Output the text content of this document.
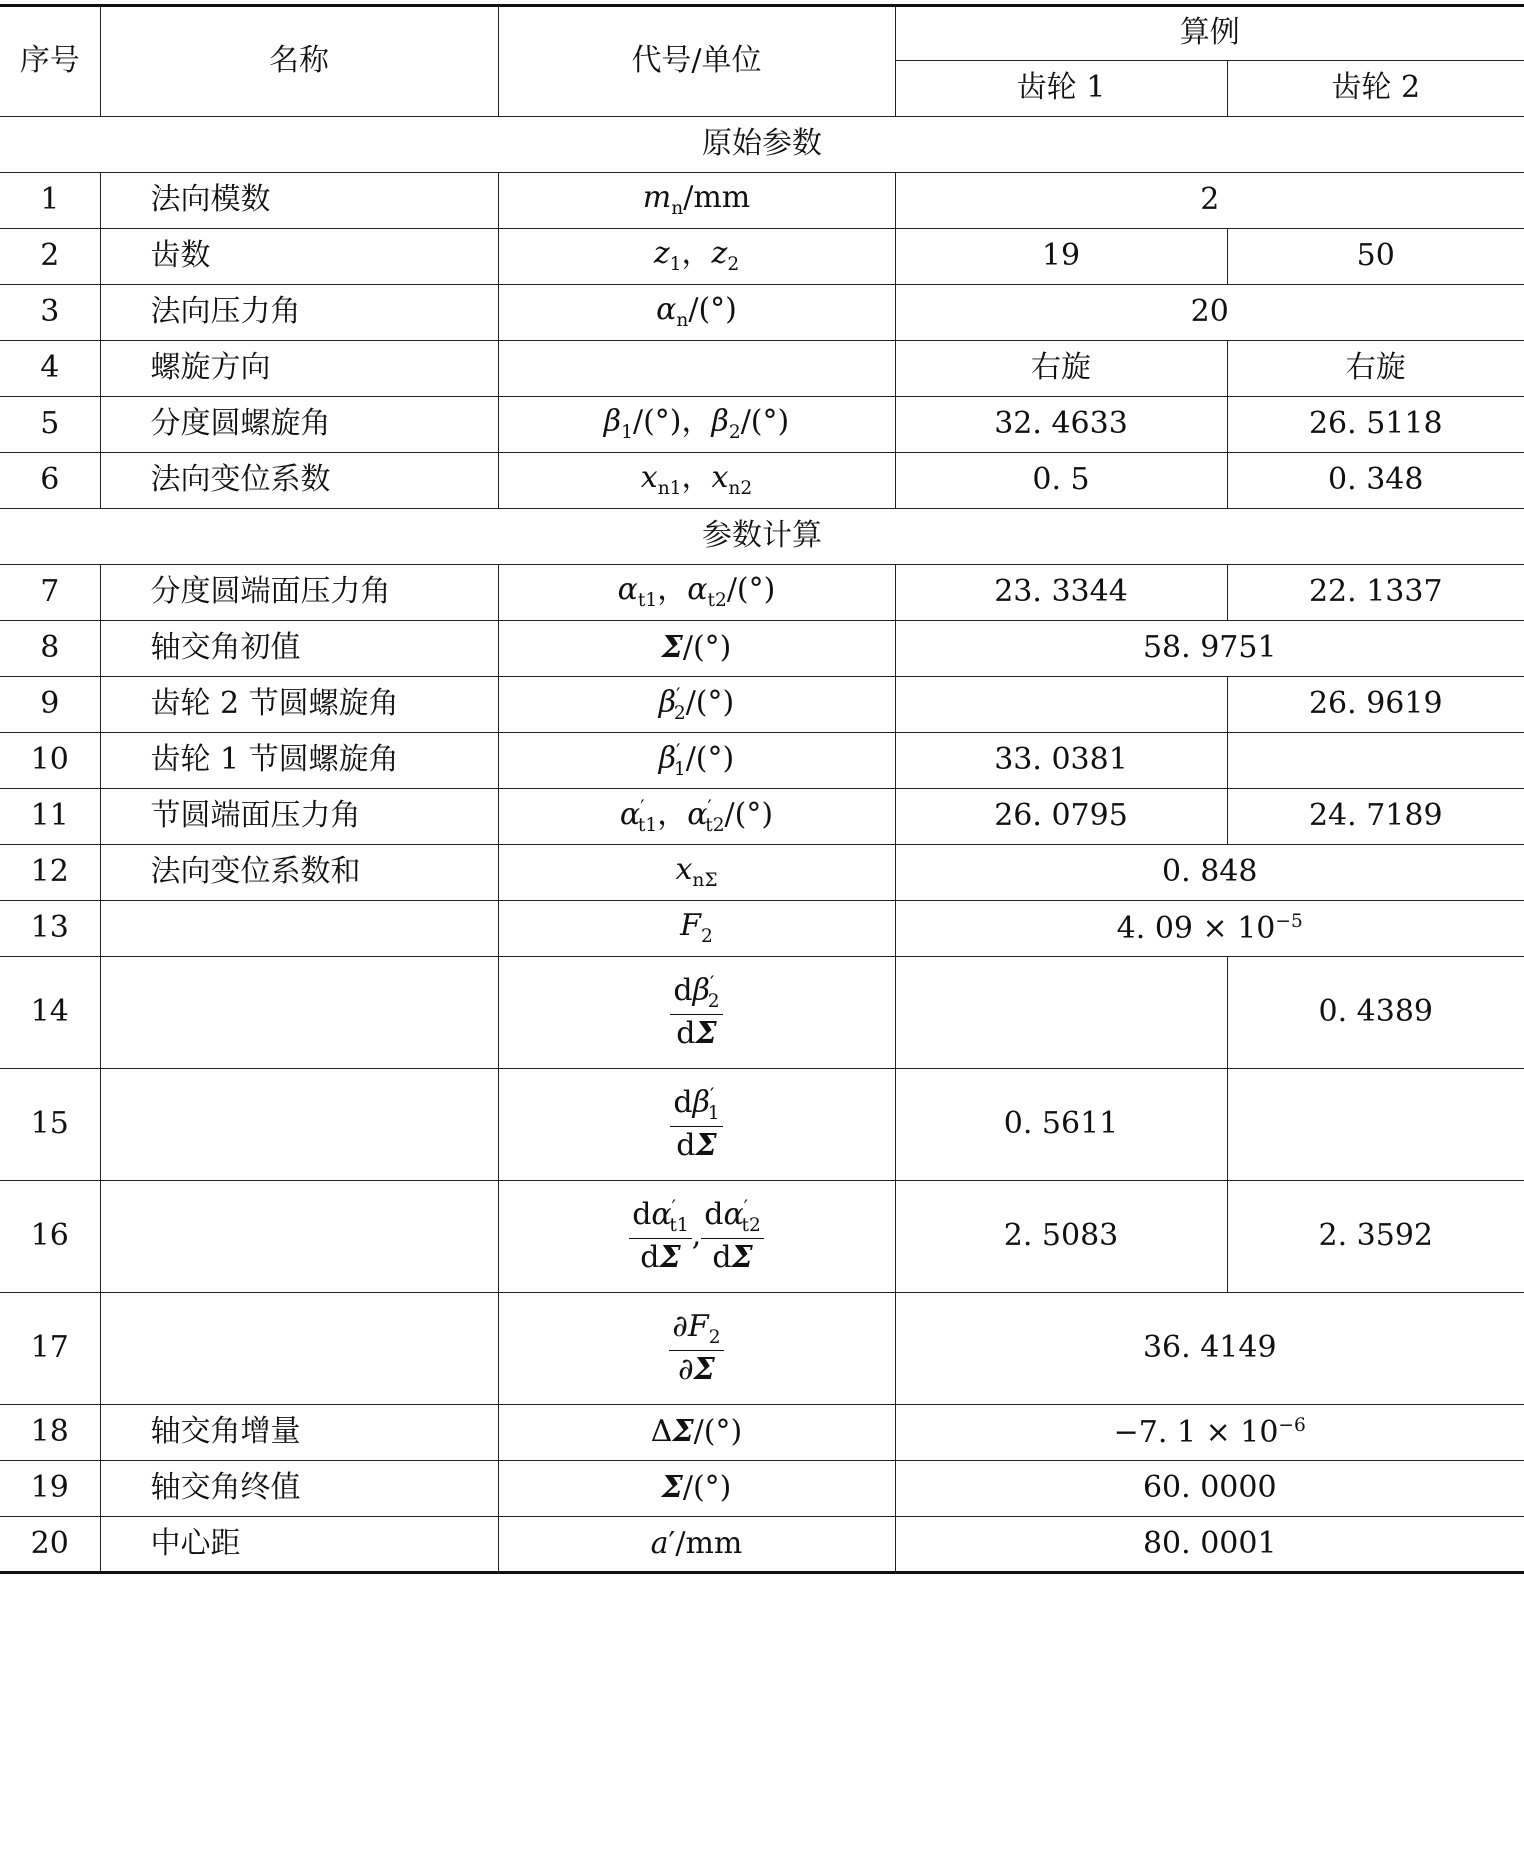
序号	名称	代号/单位	算例	
			齿轮 1	齿轮 2
原始参数				
1	法向模数	$m_n/mm$	2	
2	齿数	$z_1$，$z_2$	19	50
3	法向压力角	$\alpha_n/(^\circ)$	20	
4	螺旋方向		右旋	右旋
5	分度圆螺旋角	$\beta_1/(^\circ)$，$\beta_2/(^\circ)$	32. 4633	26. 5118
6	法向变位系数	$x_{n1}$，$x_{n2}$	0. 5	0. 348
参数计算				
7	分度圆端面压力角	$\alpha_{t1}$，$\alpha_{t2}/(^\circ)$	23. 3344	22. 1337
8	轴交角初值	Σ/(°)	58. 9751	
9	齿轮 2 节圆螺旋角	$\beta'_2/(^\circ)$		26. 9619
10	齿轮 1 节圆螺旋角	$\beta'_1/(^\circ)$	33. 0381	
11	节圆端面压力角	$\alpha'_{t1}$，$\alpha'_{t2}/(^\circ)$	26. 0795	24. 7189
12	法向变位系数和	$x_{n\Sigma}$	0. 848	
13		$F_2$	4. $09 \times 10^{-5}$
14		$\frac{d\beta'_2}{d\Sigma}$		0. 4389
15		$\frac{d\beta'_1}{d\Sigma}$	0. 5611	
16		$\frac{d\alpha'_{t1}}{d\Sigma}$ , $\frac{d\alpha'_{t2}}{d\Sigma}$	2. 5083	2. 3592
17		$\frac{\partial F_2}{\partial\Sigma}$	36. 4149	
18	轴交角增量	ΔΣ/(°)	−7. $1 \times 10^{-6}$
19	轴交角终值	Σ/(°)	60. 0000	
20	中心距	a′/mm	80. 0001	
